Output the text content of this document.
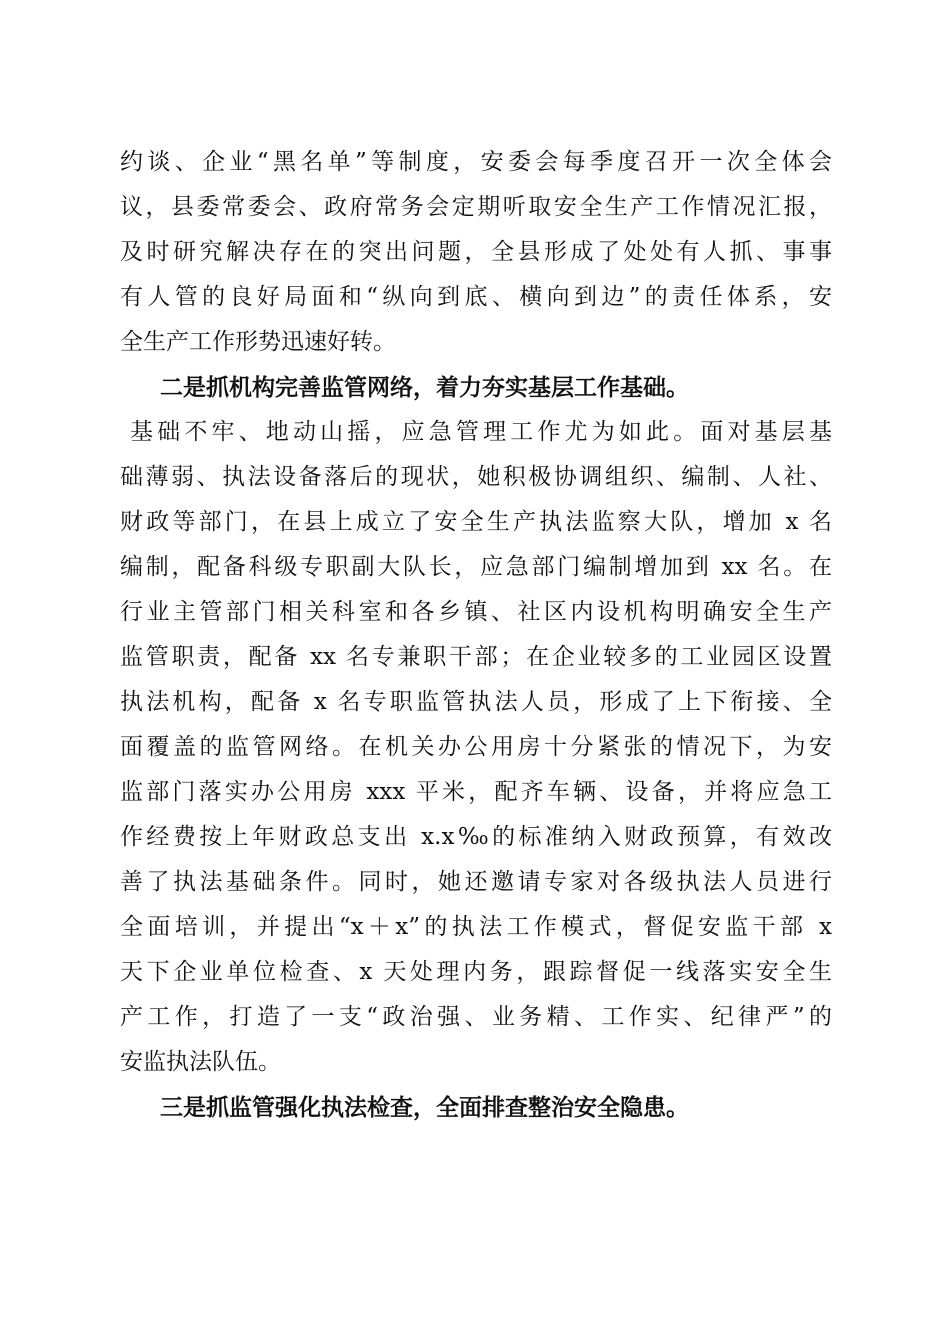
约谈、企业“黑名单”等制度，安委会每季度召开一次全体会
议，县委常委会、政府常务会定期听取安全生产工作情况汇报，
及时研究解决存在的突出问题，全县形成了处处有人抓、事事
有人管的良好局面和“纵向到底、横向到边”的责任体系，安
全生产工作形势迅速好转。
二是抓机构完善监管网络，着力夯实基层工作基础。
基础不牢、地动山摇，应急管理工作尤为如此。面对基层基
础薄弱、执法设备落后的现状，她积极协调组织、编制、人社、
财政等部门，在县上成立了安全生产执法监察大队，增加 x 名
编制，配备科级专职副大队长，应急部门编制增加到 xx 名。在
行业主管部门相关科室和各乡镇、社区内设机构明确安全生产
监管职责，配备 xx 名专兼职干部；在企业较多的工业园区设置
执法机构，配备 x 名专职监管执法人员，形成了上下衔接、全
面覆盖的监管网络。在机关办公用房十分紧张的情况下，为安
监部门落实办公用房 xxx 平米，配齐车辆、设备，并将应急工
作经费按上年财政总支出 x.x‰的标准纳入财政预算，有效改
善了执法基础条件。同时，她还邀请专家对各级执法人员进行
全面培训，并提出“x＋x”的执法工作模式，督促安监干部 x
天下企业单位检查、x 天处理内务，跟踪督促一线落实安全生
产工作，打造了一支“政治强、业务精、工作实、纪律严”的
安监执法队伍。
三是抓监管强化执法检查，全面排查整治安全隐患。
